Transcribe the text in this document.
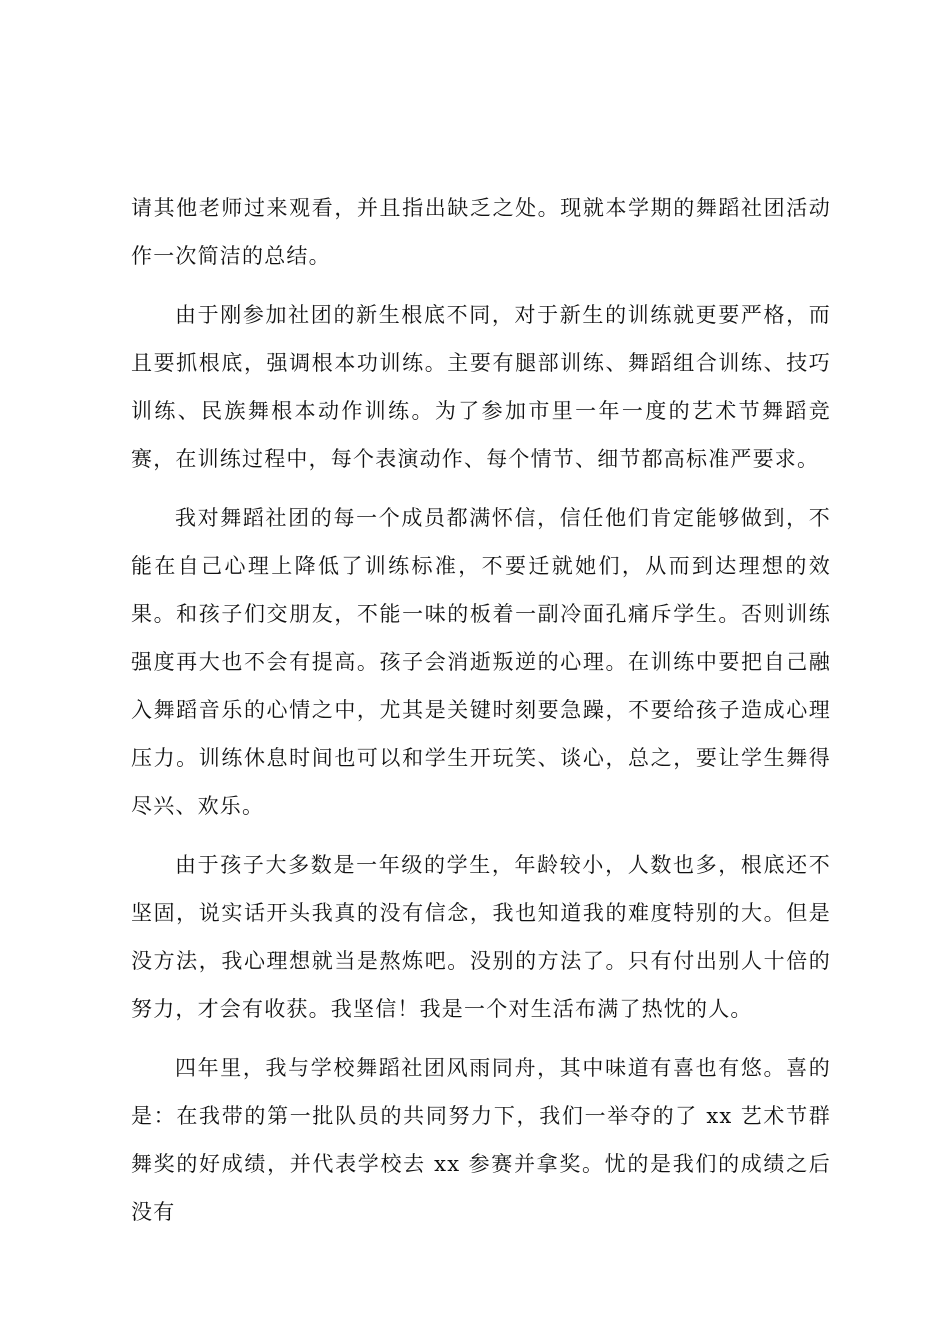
请其他老师过来观看，并且指出缺乏之处。现就本学期的舞蹈社团活动作一次简洁的总结。

由于刚参加社团的新生根底不同，对于新生的训练就更要严格，而且要抓根底，强调根本功训练。主要有腿部训练、舞蹈组合训练、技巧训练、民族舞根本动作训练。为了参加市里一年一度的艺术节舞蹈竞赛，在训练过程中，每个表演动作、每个情节、细节都高标准严要求。

我对舞蹈社团的每一个成员都满怀信，信任他们肯定能够做到，不能在自己心理上降低了训练标准，不要迁就她们，从而到达理想的效果。和孩子们交朋友，不能一味的板着一副冷面孔痛斥学生。否则训练强度再大也不会有提高。孩子会消逝叛逆的心理。在训练中要把自己融入舞蹈音乐的心情之中，尤其是关键时刻要急躁，不要给孩子造成心理压力。训练休息时间也可以和学生开玩笑、谈心，总之，要让学生舞得尽兴、欢乐。

由于孩子大多数是一年级的学生，年龄较小，人数也多，根底还不坚固，说实话开头我真的没有信念，我也知道我的难度特别的大。但是没方法，我心理想就当是熬炼吧。没别的方法了。只有付出别人十倍的努力，才会有收获。我坚信！我是一个对生活布满了热忱的人。

四年里，我与学校舞蹈社团风雨同舟，其中味道有喜也有悠。喜的是：在我带的第一批队员的共同努力下，我们一举夺的了 xx 艺术节群舞奖的好成绩，并代表学校去 xx 参赛并拿奖。忧的是我们的成绩之后没有
